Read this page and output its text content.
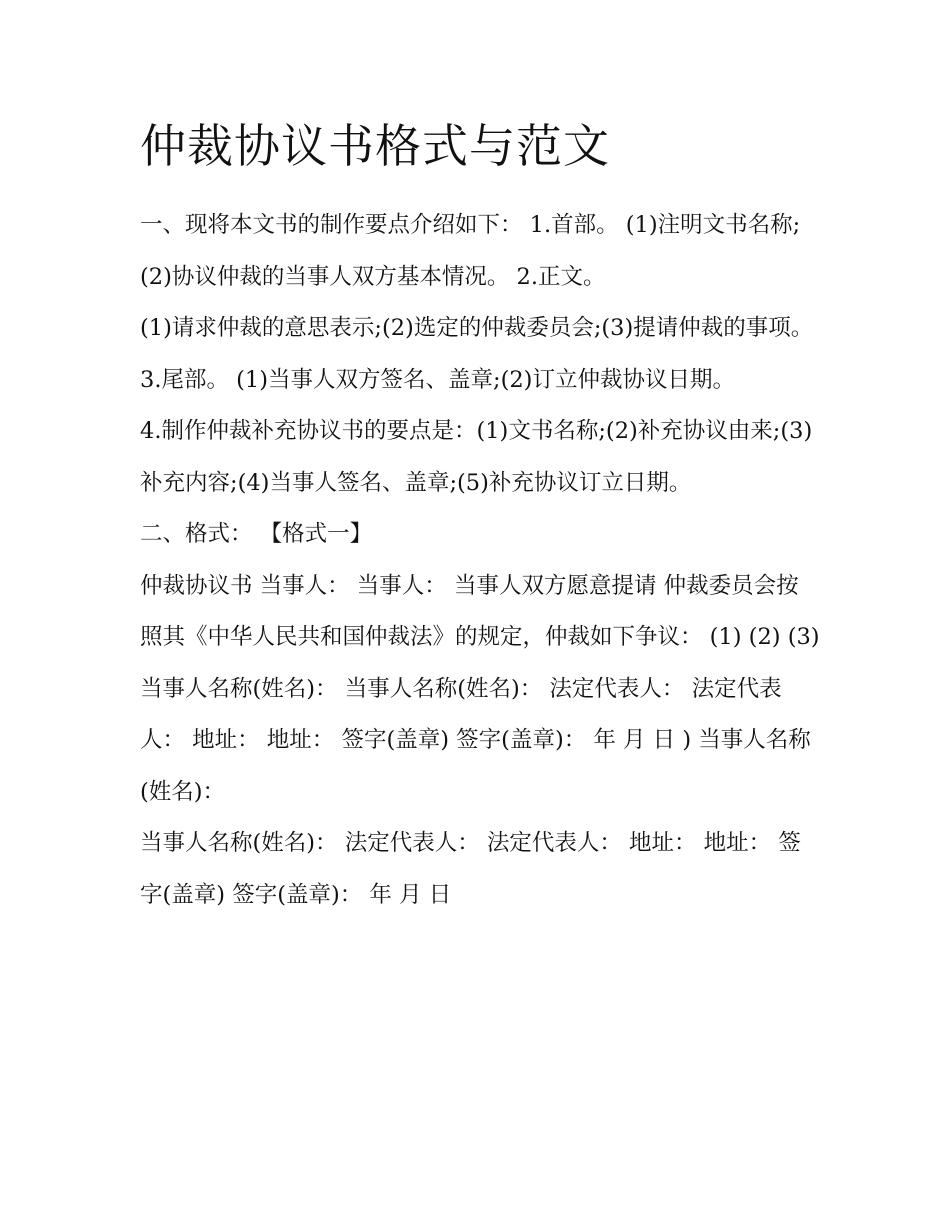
仲裁协议书格式与范文

一、现将本文书的制作要点介绍如下： 1.首部。 (1)注明文书名称;(2)协议仲裁的当事人双方基本情况。 2.正文。

(1)请求仲裁的意思表示;(2)选定的仲裁委员会;(3)提请仲裁的事项。 3.尾部。 (1)当事人双方签名、盖章;(2)订立仲裁协议日期。

4.制作仲裁补充协议书的要点是：(1)文书名称;(2)补充协议由来;(3)补充内容;(4)当事人签名、盖章;(5)补充协议订立日期。

二、格式： 【格式一】

仲裁协议书 当事人： 当事人： 当事人双方愿意提请 仲裁委员会按照其《中华人民共和国仲裁法》的规定，仲裁如下争议： (1) (2) (3)

当事人名称(姓名)： 当事人名称(姓名)： 法定代表人： 法定代表人： 地址： 地址： 签字(盖章) 签字(盖章)： 年 月 日 ) 当事人名称(姓名)：

当事人名称(姓名)： 法定代表人： 法定代表人： 地址： 地址： 签字(盖章) 签字(盖章)： 年 月 日
